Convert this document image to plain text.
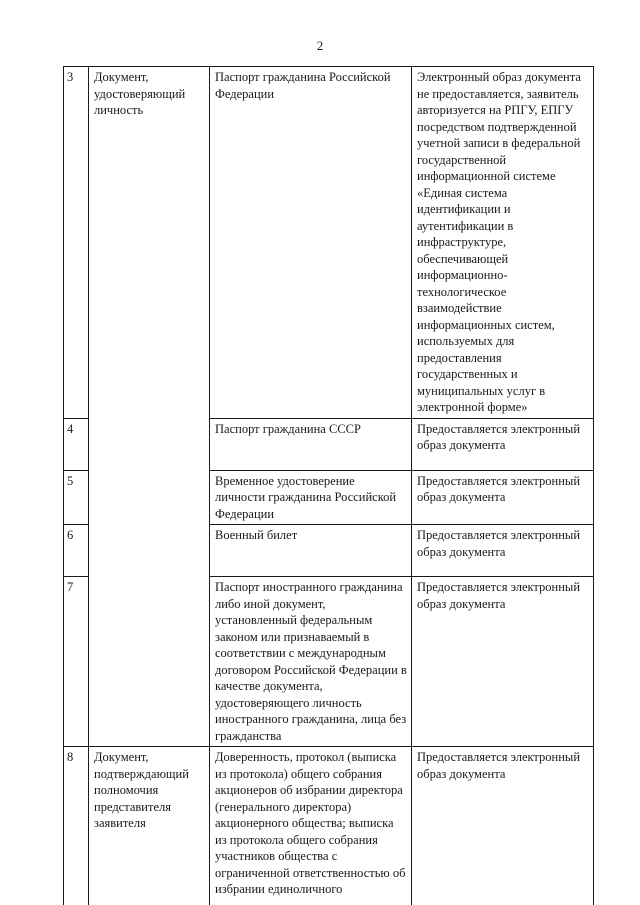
2
3	Документ, удостоверяющий личность	Паспорт гражданина Российской Федерации	Электронный образ документа не предоставляется, заявитель авторизуется на РПГУ, ЕПГУ посредством подтвержденной учетной записи в федеральной государственной информационной системе «Единая система идентификации и аутентификации в инфраструктуре, обеспечивающей информационно-технологическое взаимодействие информационных систем, используемых для предоставления государственных и муниципальных услуг в электронной форме»
4		Паспорт гражданина СССР	Предоставляется электронный образ документа
5		Временное удостоверение личности гражданина Российской Федерации	Предоставляется электронный образ документа
6		Военный билет	Предоставляется электронный образ документа
7		Паспорт иностранного гражданина либо иной документ, установленный федеральным законом или признаваемый в соответствии с международным договором Российской Федерации в качестве документа, удостоверяющего личность иностранного гражданина, лица без гражданства	Предоставляется электронный образ документа
8	Документ, подтверждающий полномочия представителя заявителя	Доверенность, протокол (выписка из протокола) общего собрания акционеров об избрании директора (генерального директора) акционерного общества; выписка из протокола общего собрания участников общества с ограниченной ответственностью об избрании единоличного	Предоставляется электронный образ документа
